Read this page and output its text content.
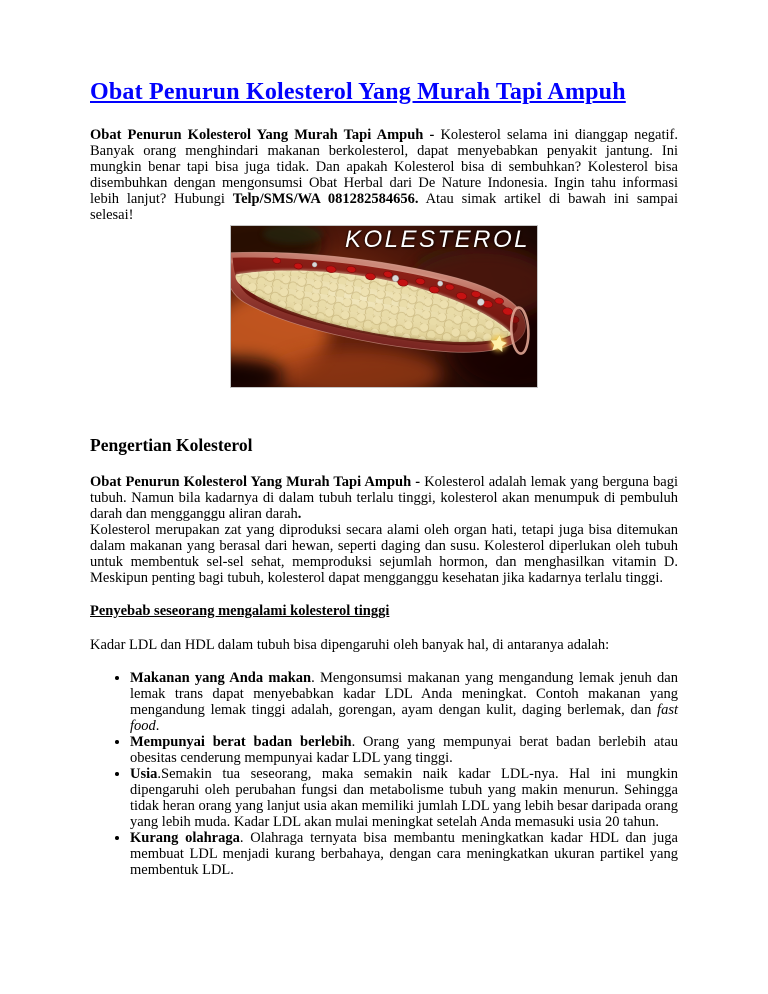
Obat Penurun Kolesterol Yang Murah Tapi Ampuh

Obat Penurun Kolesterol Yang Murah Tapi Ampuh - Kolesterol selama ini dianggap negatif. Banyak orang menghindari makanan berkolesterol, dapat menyebabkan penyakit jantung. Ini mungkin benar tapi bisa juga tidak. Dan apakah Kolesterol bisa di sembuhkan? Kolesterol bisa disembuhkan dengan mengonsumsi Obat Herbal dari De Nature Indonesia. Ingin tahu informasi lebih lanjut? Hubungi Telp/SMS/WA 081282584656. Atau simak artikel di bawah ini sampai selesai!

KOLESTEROL
Pengertian Kolesterol

Obat Penurun Kolesterol Yang Murah Tapi Ampuh - Kolesterol adalah lemak yang berguna bagi tubuh. Namun bila kadarnya di dalam tubuh terlalu tinggi, kolesterol akan menumpuk di pembuluh darah dan mengganggu aliran darah.

Kolesterol merupakan zat yang diproduksi secara alami oleh organ hati, tetapi juga bisa ditemukan dalam makanan yang berasal dari hewan, seperti daging dan susu. Kolesterol diperlukan oleh tubuh untuk membentuk sel-sel sehat, memproduksi sejumlah hormon, dan menghasilkan vitamin D. Meskipun penting bagi tubuh, kolesterol dapat mengganggu kesehatan jika kadarnya terlalu tinggi.

Penyebab seseorang mengalami kolesterol tinggi

Kadar LDL dan HDL dalam tubuh bisa dipengaruhi oleh banyak hal, di antaranya adalah:

• Makanan yang Anda makan. Mengonsumsi makanan yang mengandung lemak jenuh dan lemak trans dapat menyebabkan kadar LDL Anda meningkat. Contoh makanan yang mengandung lemak tinggi adalah, gorengan, ayam dengan kulit, daging berlemak, dan fast food.
• Mempunyai berat badan berlebih. Orang yang mempunyai berat badan berlebih atau obesitas cenderung mempunyai kadar LDL yang tinggi.
• Usia.Semakin tua seseorang, maka semakin naik kadar LDL-nya. Hal ini mungkin dipengaruhi oleh perubahan fungsi dan metabolisme tubuh yang makin menurun. Sehingga tidak heran orang yang lanjut usia akan memiliki jumlah LDL yang lebih besar daripada orang yang lebih muda. Kadar LDL akan mulai meningkat setelah Anda memasuki usia 20 tahun.
• Kurang olahraga. Olahraga ternyata bisa membantu meningkatkan kadar HDL dan juga membuat LDL menjadi kurang berbahaya, dengan cara meningkatkan ukuran partikel yang membentuk LDL.
